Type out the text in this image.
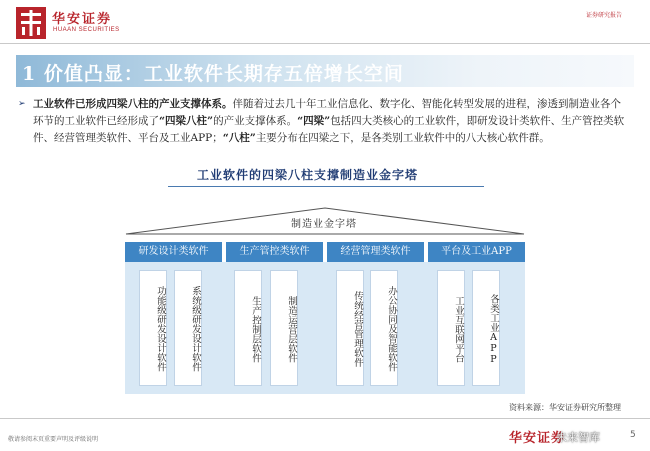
华安证券
HUAAN SECURITIES
证券研究报告
1 价值凸显：工业软件长期存五倍增长空间
➢ 工业软件已形成四梁八柱的产业支撑体系。伴随着过去几十年工业信息化、数字化、智能化转型发展的进程，渗透到制造业各个环节的工业软件已经形成了“四梁八柱”的产业支撑体系。“四梁”包括四大类核心的工业软件，即研发设计类软件、生产管控类软件、经营管理类软件、平台及工业APP；“八柱”主要分布在四梁之下，是各类别工业软件中的八大核心软件群。
工业软件的四梁八柱支撑制造业金字塔
制造业金字塔
研发设计类软件	生产管控类软件	经营管理类软件	平台及工业APP
功能级研发设计软件	系统级研发设计软件	生产控制层软件	制造运营层软件	传统经营管理软件	办公协同及智能软件	工业互联网平台	各类工业APP
资料来源：华安证券研究所整理
敬请参阅末页重要声明及评级说明	华安证券
未来智库	5
